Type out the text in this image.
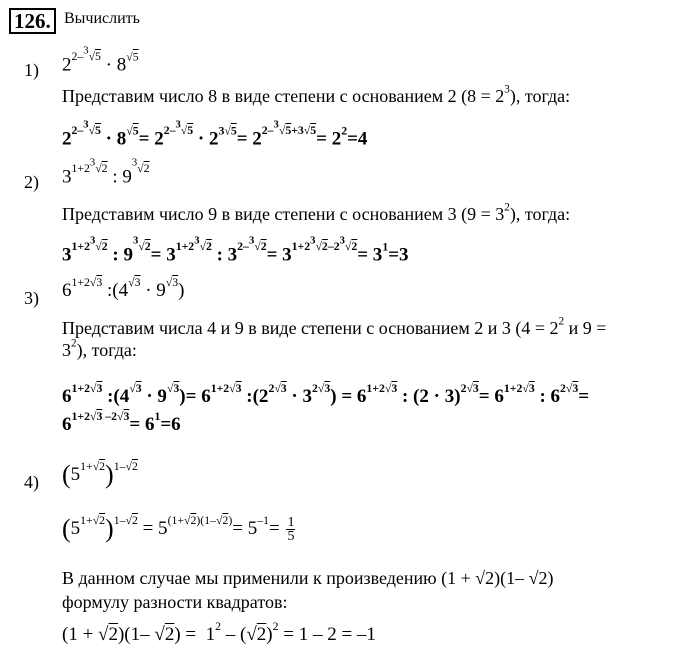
126. Вычислить
1) $2^{2-^3√5} \cdot 8^{√5}$
Представим число 8 в виде степени с основанием 2 $(8 = 2^3)$, тогда:
$2^{2-^3√5} \cdot 8^{√5}= 2^{2-^3√5} \cdot 2^{3√5}= 2^{2-^3√5+3√5}= 2^2=4$
2) $3^{1+2^3√2}$ : $9^{^3√2}$
Представим число 9 в виде степени с основанием 3 $(9 = 3^2)$, тогда:
$3^{1+2^3√2}$ : $9^{^3√2}= 3^{1+2^3√2}$ : $3^{2-^3√2}= 3^{1+2^3√2-2^3√2}= 3^1=3$
3) $6^{1+2√3}$ $:(4^{√3} \cdot 9^{√3})$
Представим числа 4 и 9 в виде степени с основанием 2 и 3 ($4 = 2^2$ и 9 =
$3^2$), тогда:
$6^{1+2√3}$ $:(4^{√3} \cdot 9^{√3})= 6^{1+2√3}$ $:(2^{2√3} \cdot 3^{2√3}) = 6^{1+2√3}$ : $(2 \cdot 3)^{2√3}= 6^{1+2√3}$ : $6^{2√3}=$
$6^{1+2√3 -2√3}= 6^1=6$
4) $(5^{1+√2})^{1-√2}$
$(5^{1+√2})^{1-√2} = 5^{(1+√2)(1-√2)}= 5^{-1}= \frac{1}{5}$
В данном случае мы применили к произведению (1 + √2)(1– √2)
формулу разности квадратов:
(1 + √2)(1– $√2) = 1^2 - (√2)^2 = 1 - 2 = -1$
